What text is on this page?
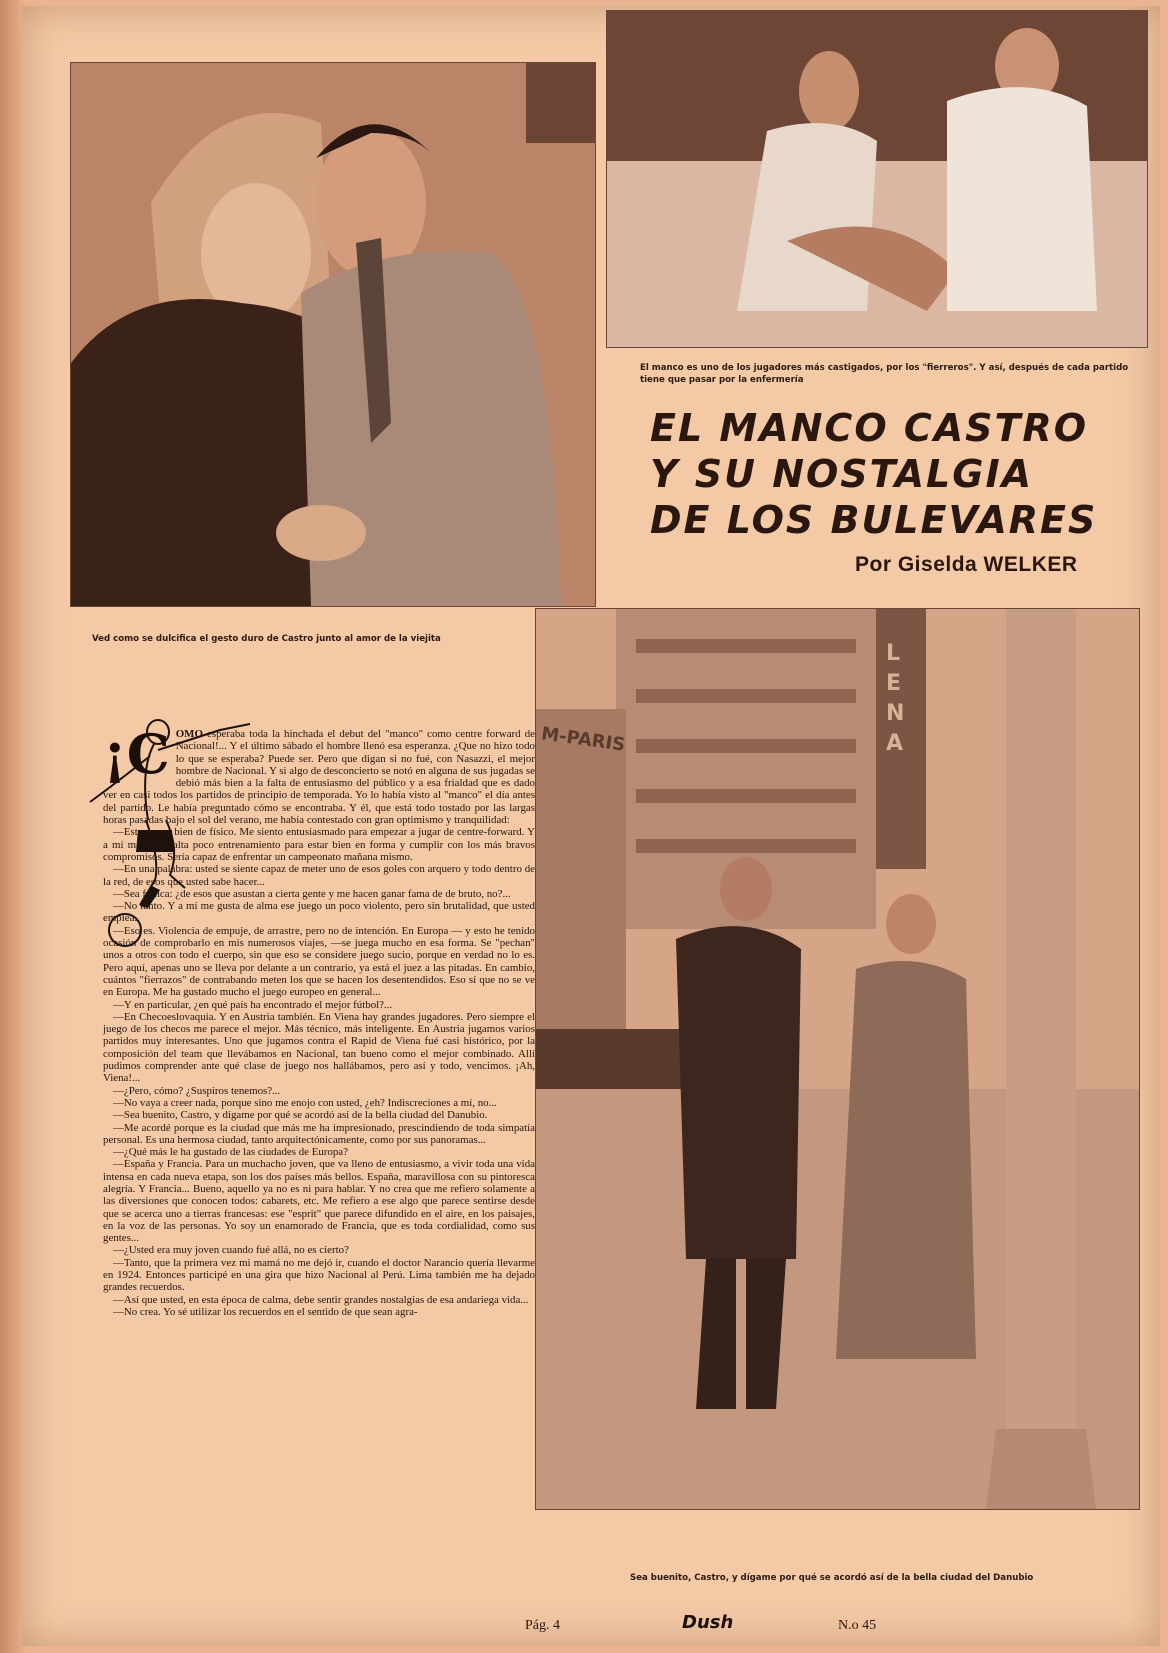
El manco es uno de los jugadores más castigados, por los "fierreros". Y así, después de cada partido tiene que pasar por la enfermería
EL MANCO CASTRO
Y SU NOSTALGIA
DE LOS BULEVARES
Por Giselda WELKER
Ved como se dulcifica el gesto duro de Castro junto al amor de la viejita
M-PARIS
LENA
Sea buenito, Castro, y dígame por qué se acordó así de la bella ciudad del Danubio

¡C OMO esperaba toda la hinchada el debut del "manco" como centre forward de Nacional!... Y el último sábado el hombre llenó esa esperanza. ¿Que no hizo todo lo que se esperaba? Puede ser. Pero que digan si no fué, con Nasazzi, el mejor hombre de Nacional. Y si algo de desconcierto se notó en alguna de sus jugadas se debió más bien a la falta de entusiasmo del público y a esa frialdad que es dado ver en casi todos los partidos de principio de temporada. Yo lo había visto al "manco" el día antes del partido. Le había preguntado cómo se encontraba. Y él, que está todo tostado por las largas horas pasadas bajo el sol del verano, me había contestado con gran optimismo y tranquilidad:

—Estoy muy bien de físico. Me siento entusiasmado para empezar a jugar de centre-forward. Y a mí me hace falta poco entrenamiento para estar bien en forma y cumplir con los más bravos compromisos. Sería capaz de enfrentar un campeonato mañana mismo.

—En una palabra: usted se siente capaz de meter uno de esos goles con arquero y todo dentro de la red, de esos que usted sabe hacer...

—Sea franca: ¿de esos que asustan a cierta gente y me hacen ganar fama de de bruto, no?...

—No tanto. Y a mí me gusta de alma ese juego un poco violento, pero sin brutalidad, que usted emplea.

—Eso es. Violencia de empuje, de arrastre, pero no de intención. En Europa — y esto he tenido ocasión de comprobarlo en mis numerosos viajes, —se juega mucho en esa forma. Se "pechan" unos a otros con todo el cuerpo, sin que eso se considere juego sucio, porque en verdad no lo es. Pero aquí, apenas uno se lleva por delante a un contrario, ya está el juez a las pitadas. En cambio, cuántos "fierrazos" de contrabando meten los que se hacen los desentendidos. Eso sí que no se ve en Europa. Me ha gustado mucho el juego europeo en general...

—Y en particular, ¿en qué país ha encontrado el mejor fútbol?...

—En Checoeslovaquia. Y en Austria también. En Viena hay grandes jugadores. Pero siempre el juego de los checos me parece el mejor. Más técnico, más inteligente. En Austria jugamos varios partidos muy interesantes. Uno que jugamos contra el Rapid de Viena fué casi histórico, por la composición del team que llevábamos en Nacional, tan bueno como el mejor combinado. Allí pudimos comprender ante qué clase de juego nos hallábamos, pero así y todo, vencimos. ¡Ah, Viena!...

—¿Pero, cómo? ¿Suspiros tenemos?...

—No vaya a creer nada, porque sino me enojo con usted, ¿eh? Indiscreciones a mí, no...

—Sea buenito, Castro, y dígame por qué se acordó así de la bella ciudad del Danubio.

—Me acordé porque es la ciudad que más me ha impresionado, prescindiendo de toda simpatía personal. Es una hermosa ciudad, tanto arquitectónicamente, como por sus panoramas...

—¿Qué más le ha gustado de las ciudades de Europa?

—España y Francia. Para un muchacho joven, que va lleno de entusiasmo, a vivir toda una vida intensa en cada nueva etapa, son los dos países más bellos. España, maravillosa con su pintoresca alegría. Y Francia... Bueno, aquello ya no es ni para hablar. Y no crea que me refiero solamente a las diversiones que conocen todos: cabarets, etc. Me refiero a ese algo que parece sentirse desde que se acerca uno a tierras francesas: ese "esprit" que parece difundido en el aire, en los paisajes, en la voz de las personas. Yo soy un enamorado de Francia, que es toda cordialidad, como sus gentes...

—¿Usted era muy joven cuando fué allá, no es cierto?

—Tanto, que la primera vez mi mamá no me dejó ir, cuando el doctor Narancio quería llevarme en 1924. Entonces participé en una gira que hizo Nacional al Perú. Lima también me ha dejado grandes recuerdos.

—Así que usted, en esta época de calma, debe sentir grandes nostalgias de esa andariega vida...

—No crea. Yo sé utilizar los recuerdos en el sentido de que sean agra-

Pág. 4	Dush	N.o 45
